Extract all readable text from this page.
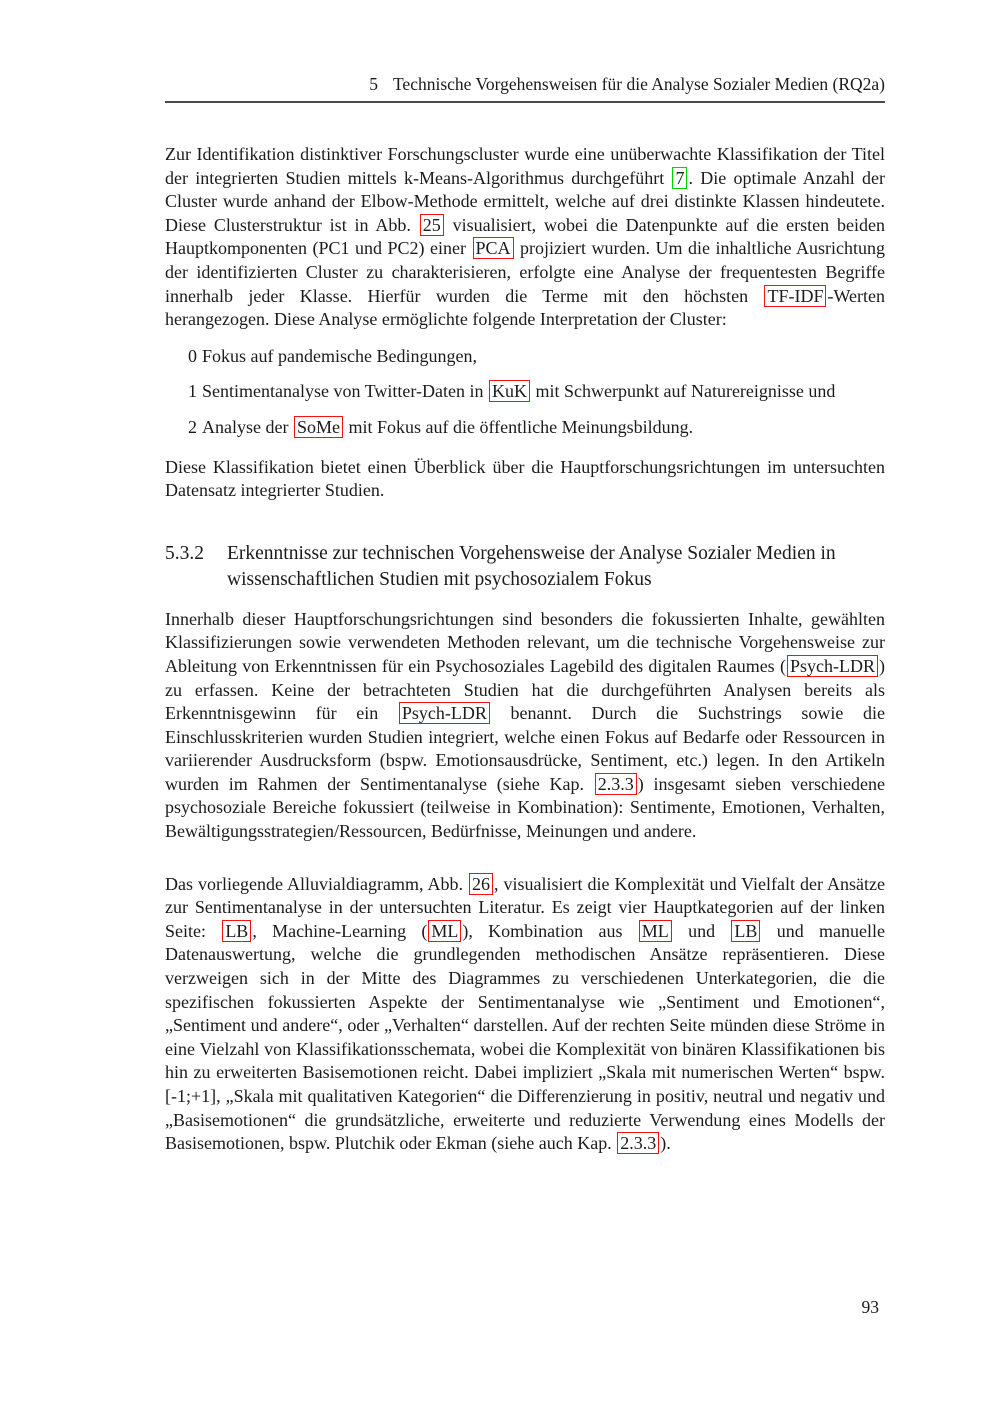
5 Technische Vorgehensweisen für die Analyse Sozialer Medien (RQ2a)

Zur Identifikation distinktiver Forschungscluster wurde eine unüberwachte Klassifikation der Titel der integrierten Studien mittels k-Means-Algorithmus durchgeführt 7 . Die optimale Anzahl der Cluster wurde anhand der Elbow-Methode ermittelt, welche auf drei distinkte Klassen hindeutete. Diese Clusterstruktur ist in Abb. 25 visualisiert, wobei die Datenpunkte auf die ersten beiden Hauptkomponenten (PC1 und PC2) einer PCA projiziert wurden. Um die inhaltliche Ausrichtung der identifizierten Cluster zu charakterisieren, erfolgte eine Analyse der frequentesten Begriffe innerhalb jeder Klasse. Hierfür wurden die Terme mit den höchsten TF-IDF -Werten herangezogen. Diese Analyse ermöglichte folgende Interpretation der Cluster:

0 Fokus auf pandemische Bedingungen,
1 Sentimentanalyse von Twitter-Daten in KuK mit Schwerpunkt auf Naturereignisse und
2 Analyse der SoMe mit Fokus auf die öffentliche Meinungsbildung.

Diese Klassifikation bietet einen Überblick über die Hauptforschungsrichtungen im untersuchten Datensatz integrierter Studien.

5.3.2 Erkenntnisse zur technischen Vorgehensweise der Analyse Sozialer Medien in wissenschaftlichen Studien mit psychosozialem Fokus

Innerhalb dieser Hauptforschungsrichtungen sind besonders die fokussierten Inhalte, gewählten Klassifizierungen sowie verwendeten Methoden relevant, um die technische Vorgehensweise zur Ableitung von Erkenntnissen für ein Psychosoziales Lagebild des digitalen Raumes ( Psych-LDR ) zu erfassen. Keine der betrachteten Studien hat die durchgeführten Analysen bereits als Erkenntnisgewinn für ein Psych-LDR benannt. Durch die Suchstrings sowie die Einschlusskriterien wurden Studien integriert, welche einen Fokus auf Bedarfe oder Ressourcen in variierender Ausdrucksform (bspw. Emotionsausdrücke, Sentiment, etc.) legen. In den Artikeln wurden im Rahmen der Sentimentanalyse (siehe Kap. 2.3.3 ) insgesamt sieben verschiedene psychosoziale Bereiche fokussiert (teilweise in Kombination): Sentimente, Emotionen, Verhalten, Bewältigungsstrategien/Ressourcen, Bedürfnisse, Meinungen und andere.

Das vorliegende Alluvialdiagramm, Abb. 26 , visualisiert die Komplexität und Vielfalt der Ansätze zur Sentimentanalyse in der untersuchten Literatur. Es zeigt vier Hauptkategorien auf der linken Seite: LB , Machine-Learning ( ML ), Kombination aus ML und LB und manuelle Datenauswertung, welche die grundlegenden methodischen Ansätze repräsentieren. Diese verzweigen sich in der Mitte des Diagrammes zu verschiedenen Unterkategorien, die die spezifischen fokussierten Aspekte der Sentimentanalyse wie „Sentiment und Emotionen“, „Sentiment und andere“, oder „Verhalten“ darstellen. Auf der rechten Seite münden diese Ströme in eine Vielzahl von Klassifikationsschemata, wobei die Komplexität von binären Klassifikationen bis hin zu erweiterten Basisemotionen reicht. Dabei impliziert „Skala mit numerischen Werten“ bspw. [-1;+1], „Skala mit qualitativen Kategorien“ die Differenzierung in positiv, neutral und negativ und „Basisemotionen“ die grundsätzliche, erweiterte und reduzierte Verwendung eines Modells der Basisemotionen, bspw. Plutchik oder Ekman (siehe auch Kap. 2.3.3 ).

93
